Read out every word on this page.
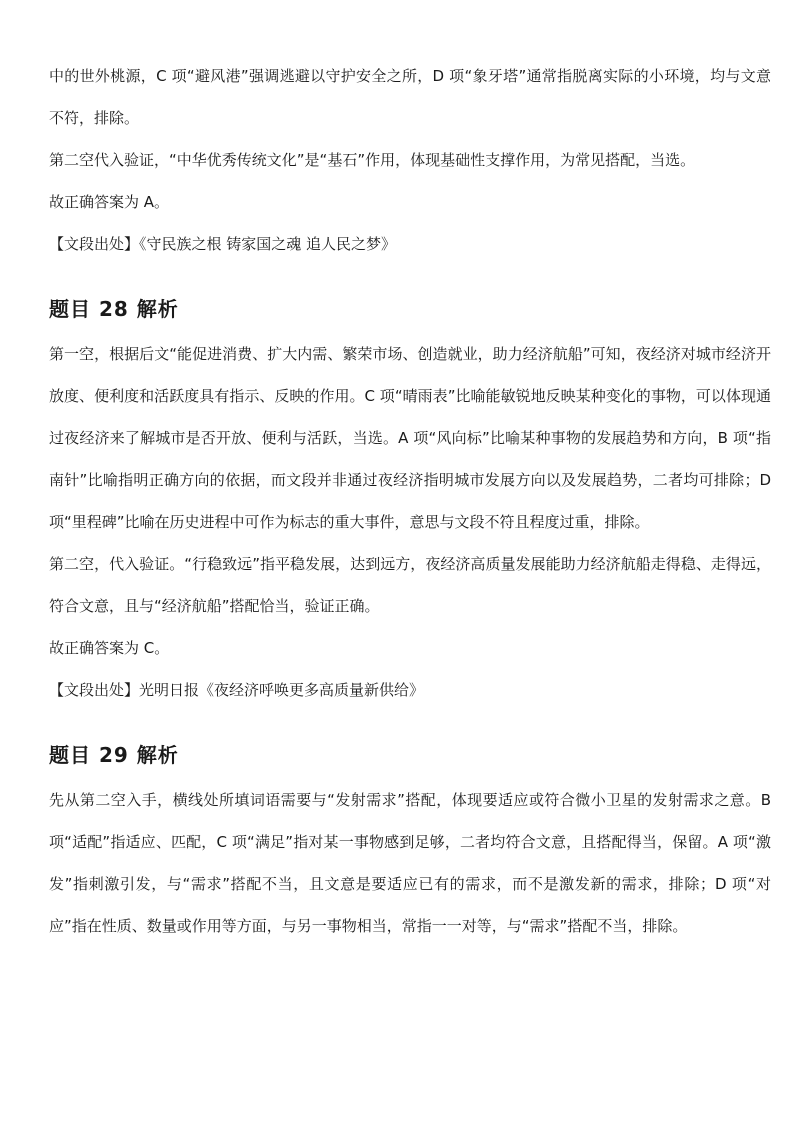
中的世外桃源，C 项“避风港”强调逃避以守护安全之所，D 项“象牙塔”通常指脱离实际的小环境，均与文意不符，排除。

第二空代入验证，“中华优秀传统文化”是“基石”作用，体现基础性支撑作用，为常见搭配，当选。

故正确答案为 A。

【文段出处】《守民族之根 铸家国之魂 追人民之梦》

题目 28 解析

第一空，根据后文“能促进消费、扩大内需、繁荣市场、创造就业，助力经济航船”可知，夜经济对城市经济开放度、便利度和活跃度具有指示、反映的作用。C 项“晴雨表”比喻能敏锐地反映某种变化的事物，可以体现通过夜经济来了解城市是否开放、便利与活跃，当选。A 项“风向标”比喻某种事物的发展趋势和方向，B 项“指南针”比喻指明正确方向的依据，而文段并非通过夜经济指明城市发展方向以及发展趋势，二者均可排除；D 项“里程碑”比喻在历史进程中可作为标志的重大事件，意思与文段不符且程度过重，排除。

第二空，代入验证。“行稳致远”指平稳发展，达到远方，夜经济高质量发展能助力经济航船走得稳、走得远，符合文意，且与“经济航船”搭配恰当，验证正确。

故正确答案为 C。

【文段出处】光明日报《夜经济呼唤更多高质量新供给》

题目 29 解析

先从第二空入手，横线处所填词语需要与“发射需求”搭配，体现要适应或符合微小卫星的发射需求之意。B 项“适配”指适应、匹配，C 项“满足”指对某一事物感到足够，二者均符合文意，且搭配得当，保留。A 项“激发”指刺激引发，与“需求”搭配不当，且文意是要适应已有的需求，而不是激发新的需求，排除；D 项“对应”指在性质、数量或作用等方面，与另一事物相当，常指一一对等，与“需求”搭配不当，排除。
